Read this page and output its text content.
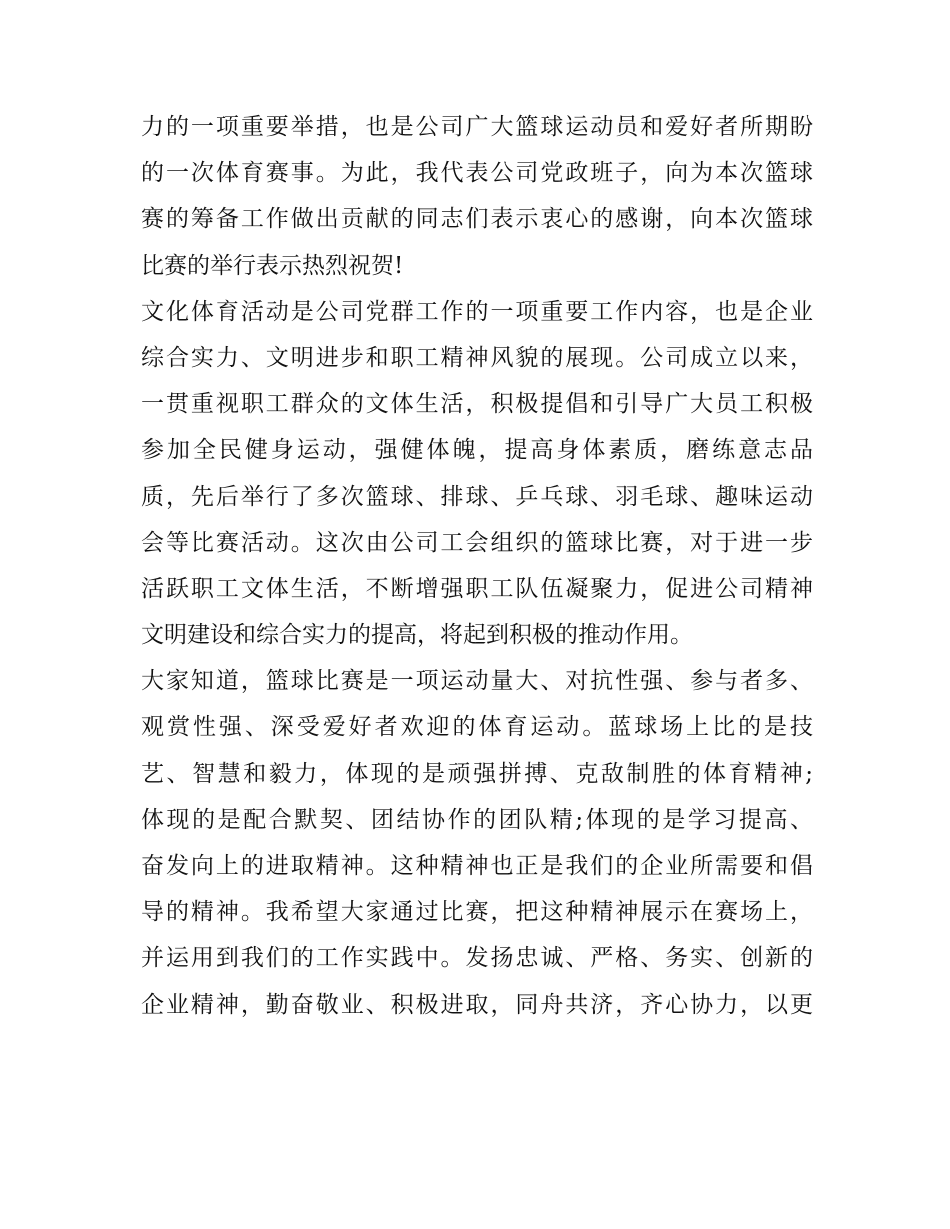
力的一项重要举措，也是公司广大篮球运动员和爱好者所期盼
的一次体育赛事。为此，我代表公司党政班子，向为本次篮球
赛的筹备工作做出贡献的同志们表示衷心的感谢，向本次篮球
比赛的举行表示热烈祝贺!
文化体育活动是公司党群工作的一项重要工作内容，也是企业
综合实力、文明进步和职工精神风貌的展现。公司成立以来，
一贯重视职工群众的文体生活，积极提倡和引导广大员工积极
参加全民健身运动，强健体魄，提高身体素质，磨练意志品
质，先后举行了多次篮球、排球、乒乓球、羽毛球、趣味运动
会等比赛活动。这次由公司工会组织的篮球比赛，对于进一步
活跃职工文体生活，不断增强职工队伍凝聚力，促进公司精神
文明建设和综合实力的提高，将起到积极的推动作用。
大家知道，篮球比赛是一项运动量大、对抗性强、参与者多、
观赏性强、深受爱好者欢迎的体育运动。蓝球场上比的是技
艺、智慧和毅力，体现的是顽强拼搏、克敌制胜的体育精神;
体现的是配合默契、团结协作的团队精;体现的是学习提高、
奋发向上的进取精神。这种精神也正是我们的企业所需要和倡
导的精神。我希望大家通过比赛，把这种精神展示在赛场上，
并运用到我们的工作实践中。发扬忠诚、严格、务实、创新的
企业精神，勤奋敬业、积极进取，同舟共济，齐心协力，以更
